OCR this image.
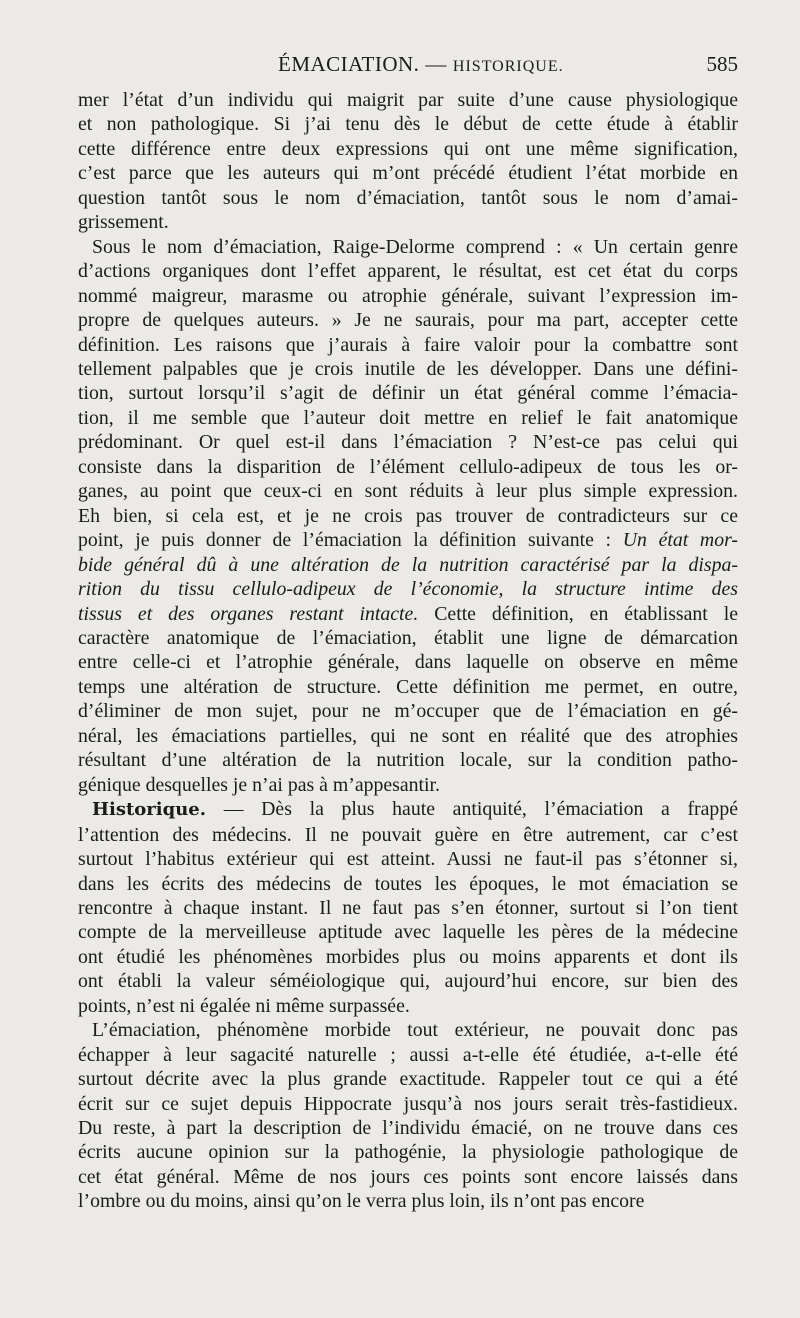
ÉMACIATION. — HISTORIQUE.	585
mer l’état d’un individu qui maigrit par suite d’une cause physiologique
et non pathologique. Si j’ai tenu dès le début de cette étude à établir
cette différence entre deux expressions qui ont une même signification,
c’est parce que les auteurs qui m’ont précédé étudient l’état morbide en
question tantôt sous le nom d’émaciation, tantôt sous le nom d’amai-
grissement.
Sous le nom d’émaciation, Raige-Delorme comprend : « Un certain genre
d’actions organiques dont l’effet apparent, le résultat, est cet état du corps
nommé maigreur, marasme ou atrophie générale, suivant l’expression im-
propre de quelques auteurs. » Je ne saurais, pour ma part, accepter cette
définition. Les raisons que j’aurais à faire valoir pour la combattre sont
tellement palpables que je crois inutile de les développer. Dans une défini-
tion, surtout lorsqu’il s’agit de définir un état général comme l’émacia-
tion, il me semble que l’auteur doit mettre en relief le fait anatomique
prédominant. Or quel est-il dans l’émaciation ? N’est-ce pas celui qui
consiste dans la disparition de l’élément cellulo-adipeux de tous les or-
ganes, au point que ceux-ci en sont réduits à leur plus simple expression.
Eh bien, si cela est, et je ne crois pas trouver de contradicteurs sur ce
point, je puis donner de l’émaciation la définition suivante : Un état mor-
bide général dû à une altération de la nutrition caractérisé par la dispa-
rition du tissu cellulo-adipeux de l’économie, la structure intime des
tissus et des organes restant intacte. Cette définition, en établissant le
caractère anatomique de l’émaciation, établit une ligne de démarcation
entre celle-ci et l’atrophie générale, dans laquelle on observe en même
temps une altération de structure. Cette définition me permet, en outre,
d’éliminer de mon sujet, pour ne m’occuper que de l’émaciation en gé-
néral, les émaciations partielles, qui ne sont en réalité que des atrophies
résultant d’une altération de la nutrition locale, sur la condition patho-
génique desquelles je n’ai pas à m’appesantir.
Historique. — Dès la plus haute antiquité, l’émaciation a frappé
l’attention des médecins. Il ne pouvait guère en être autrement, car c’est
surtout l’habitus extérieur qui est atteint. Aussi ne faut-il pas s’étonner si,
dans les écrits des médecins de toutes les époques, le mot émaciation se
rencontre à chaque instant. Il ne faut pas s’en étonner, surtout si l’on tient
compte de la merveilleuse aptitude avec laquelle les pères de la médecine
ont étudié les phénomènes morbides plus ou moins apparents et dont ils
ont établi la valeur séméiologique qui, aujourd’hui encore, sur bien des
points, n’est ni égalée ni même surpassée.
L’émaciation, phénomène morbide tout extérieur, ne pouvait donc pas
échapper à leur sagacité naturelle ; aussi a-t-elle été étudiée, a-t-elle été
surtout décrite avec la plus grande exactitude. Rappeler tout ce qui a été
écrit sur ce sujet depuis Hippocrate jusqu’à nos jours serait très-fastidieux.
Du reste, à part la description de l’individu émacié, on ne trouve dans ces
écrits aucune opinion sur la pathogénie, la physiologie pathologique de
cet état général. Même de nos jours ces points sont encore laissés dans
l’ombre ou du moins, ainsi qu’on le verra plus loin, ils n’ont pas encore
